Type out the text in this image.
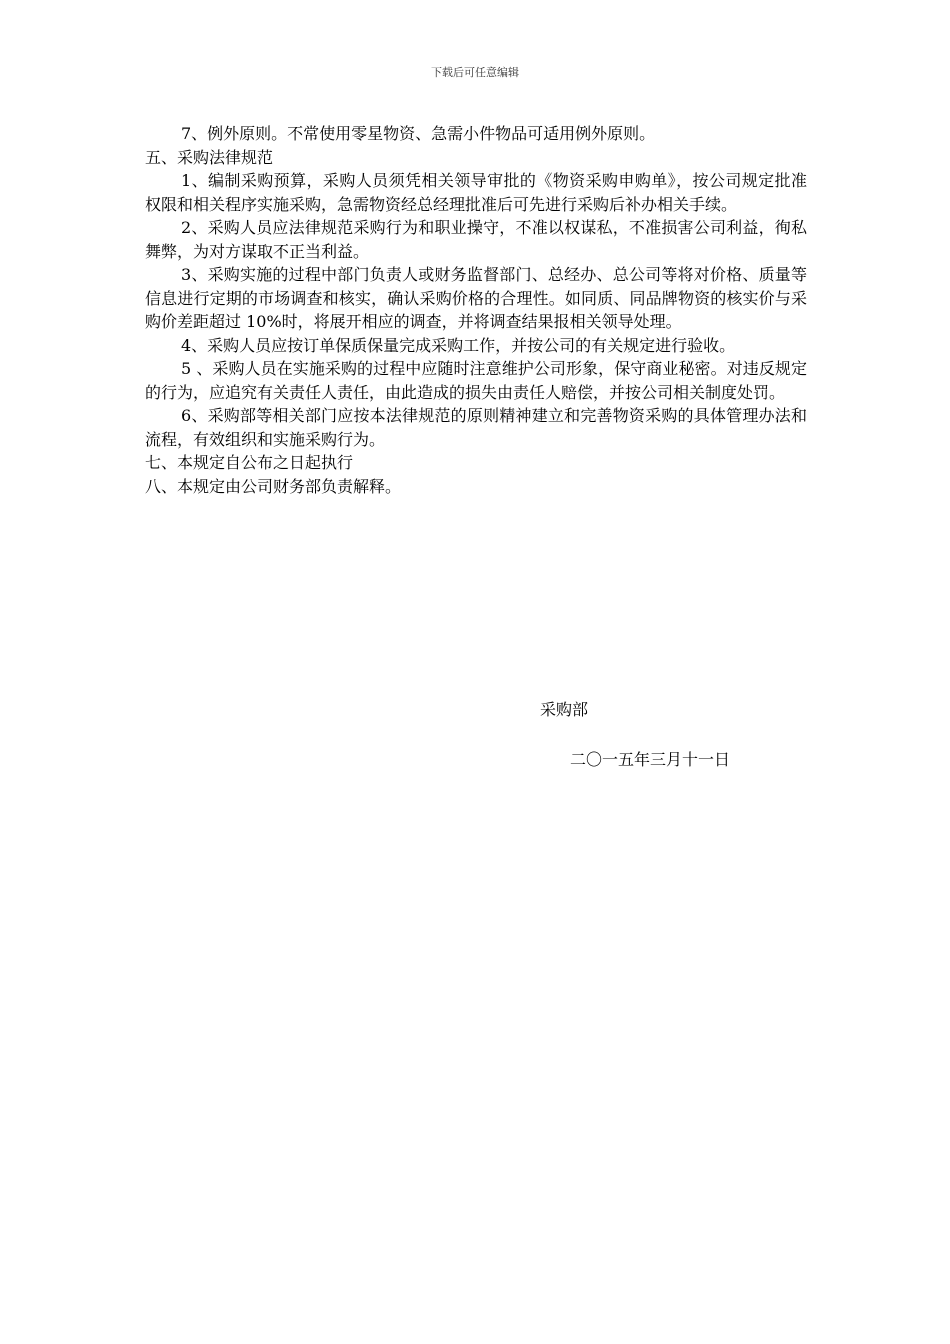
下载后可任意编辑

7、例外原则。不常使用零星物资、急需小件物品可适用例外原则。

五、采购法律规范

1、编制采购预算，采购人员须凭相关领导审批的《物资采购申购单》，按公司规定批准权限和相关程序实施采购，急需物资经总经理批准后可先进行采购后补办相关手续。

2、采购人员应法律规范采购行为和职业操守，不准以权谋私，不准损害公司利益，徇私舞弊，为对方谋取不正当利益。

3、采购实施的过程中部门负责人或财务监督部门、总经办、总公司等将对价格、质量等信息进行定期的市场调查和核实，确认采购价格的合理性。如同质、同品牌物资的核实价与采购价差距超过 10%时，将展开相应的调查，并将调查结果报相关领导处理。

4、采购人员应按订单保质保量完成采购工作，并按公司的有关规定进行验收。

5 、采购人员在实施采购的过程中应随时注意维护公司形象，保守商业秘密。对违反规定的行为，应追究有关责任人责任，由此造成的损失由责任人赔偿，并按公司相关制度处罚。

6、采购部等相关部门应按本法律规范的原则精神建立和完善物资采购的具体管理办法和流程，有效组织和实施采购行为。

七、本规定自公布之日起执行

八、本规定由公司财务部负责解释。

采购部
二〇一五年三月十一日
